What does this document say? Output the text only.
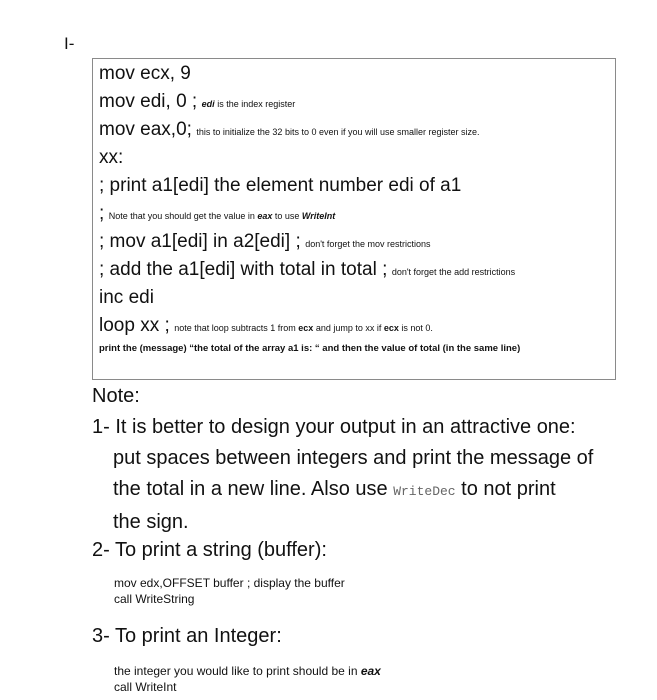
I-
mov ecx, 9
mov edi, 0 ; edi is the index register
mov eax,0; this to initialize the 32 bits to 0 even if you will use smaller register size.
xx:
; print a1[edi] the element number edi of a1
; Note that you should get the value in eax to use WriteInt
; mov a1[edi] in a2[edi] ; don't forget the mov restrictions
; add the a1[edi] with total in total ; don't forget the add restrictions
inc edi
loop xx ; note that loop subtracts 1 from ecx and jump to xx if ecx is not 0.
print the (message) “the total of the array a1 is: “ and then the value of total (in the same line)
Note:
1- It is better to design your output in an attractive one:
put spaces between integers and print the message of
the total in a new line. Also use WriteDec to not print
the sign.
2- To print a string (buffer):
mov edx,OFFSET buffer ; display the buffer
call WriteString
3- To print an Integer:
the integer you would like to print should be in eax
call WriteInt
